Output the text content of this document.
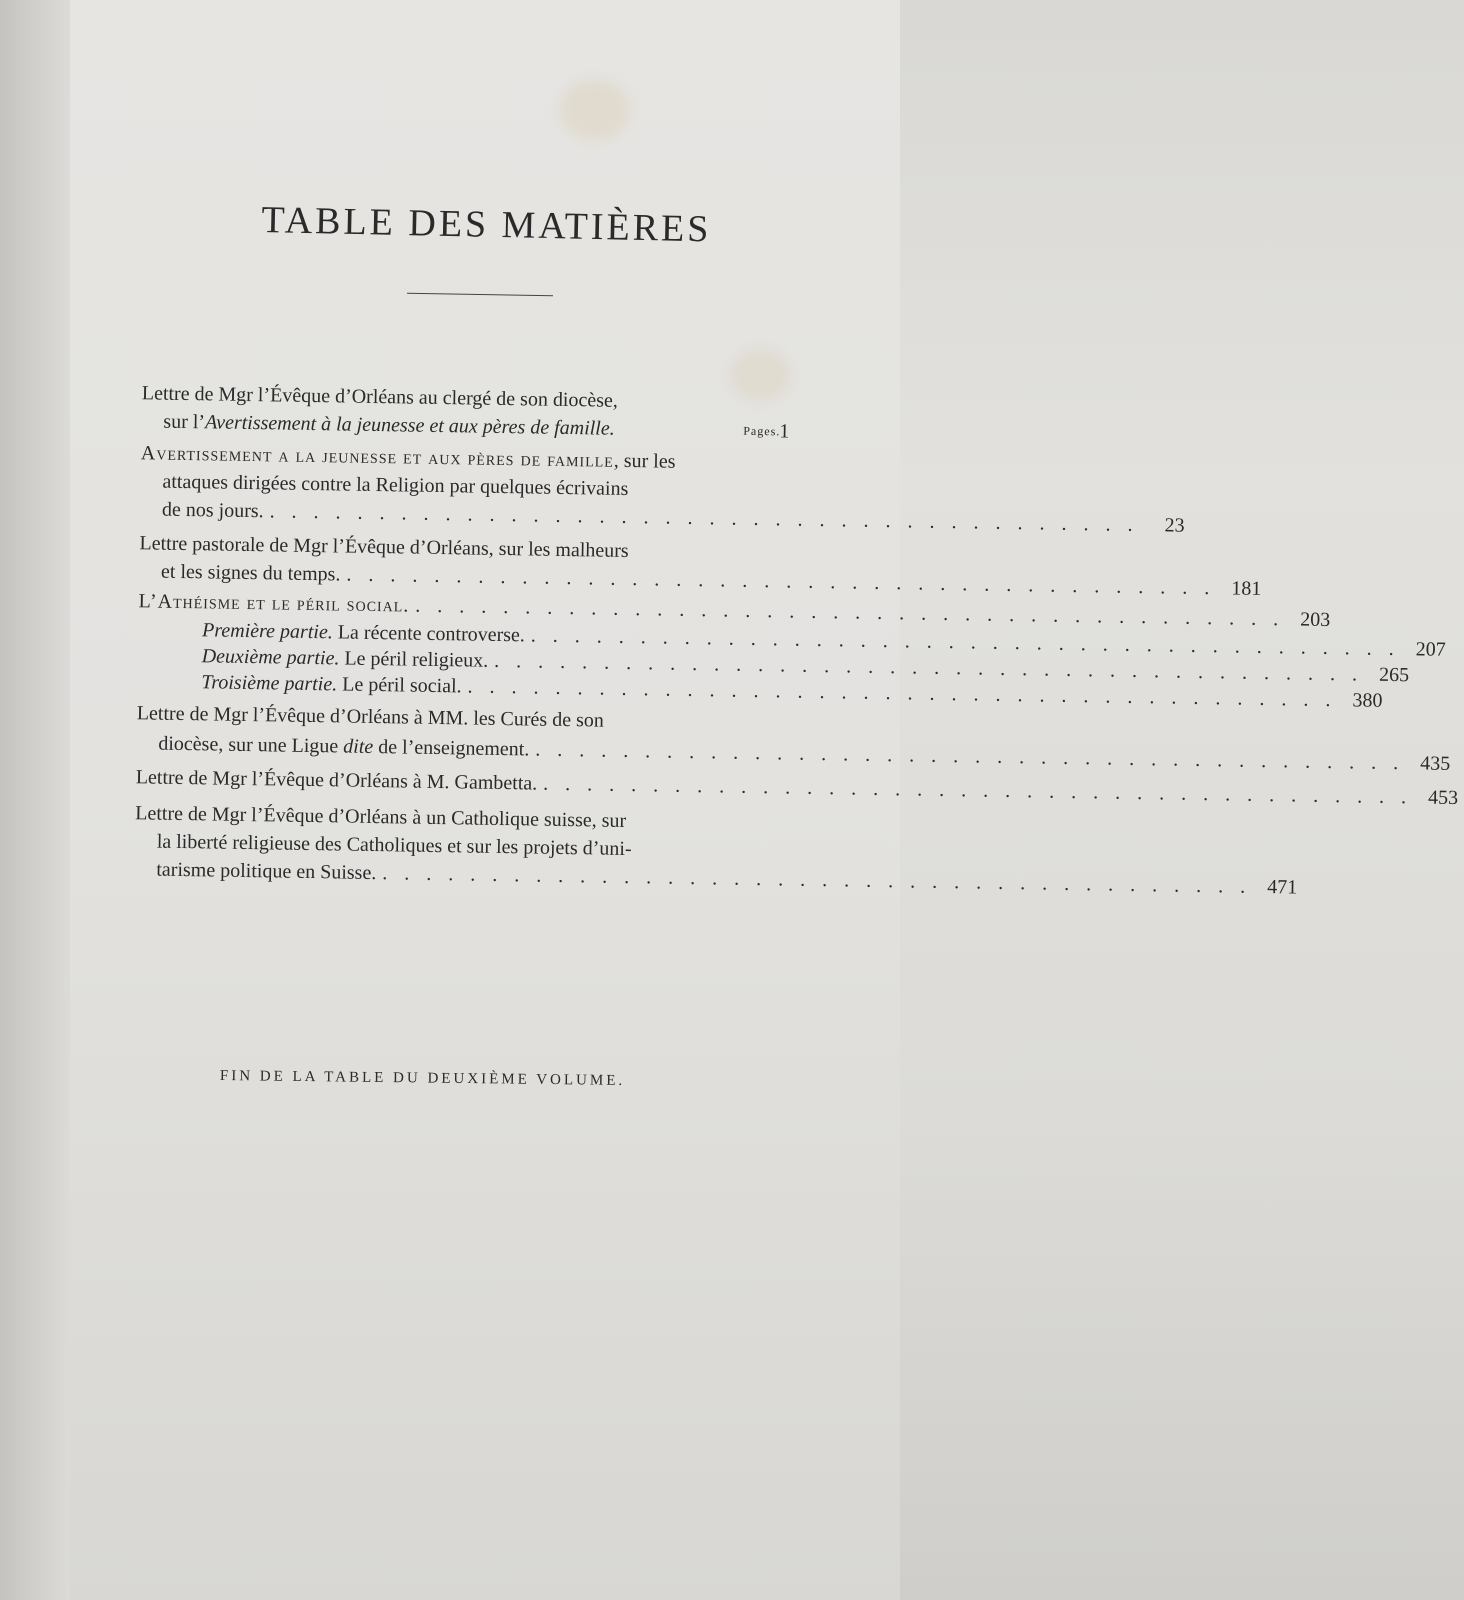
TABLE DES MATIÈRES
Pages.
Lettre de Mgr l’Évêque d’Orléans au clergé de son diocèse,
sur l’Avertissement à la jeunesse et aux pères de famille.	1
Avertissement a la jeunesse et aux pères de famille, sur les
attaques dirigées contre la Religion par quelques écrivains
de nos jours. . . . . . . . . . . . . . . . . . . . . . . . . . . . . . . . . . . . . . . . .	23
Lettre pastorale de Mgr l’Évêque d’Orléans, sur les malheurs
et les signes du temps. . . . . . . . . . . . . . . . . . . . . . . . . . . . . . . . . . . . . . . . . 181
L’Athéisme et le péril social. . . . . . . . . . . . . . . . . . . . . . . . . . . . . . . . . . . . . . . . . 203
Première partie. La récente controverse. . . . . . . . . . . . . . . . . . . . . . . . . . . . . . . . . . . . . . . . . 207
Deuxième partie. Le péril religieux. . . . . . . . . . . . . . . . . . . . . . . . . . . . . . . . . . . . . . . . . 265
Troisième partie. Le péril social. . . . . . . . . . . . . . . . . . . . . . . . . . . . . . . . . . . . . . . . . 380
Lettre de Mgr l’Évêque d’Orléans à MM. les Curés de son
diocèse, sur une Ligue dite de l’enseignement. . . . . . . . . . . . . . . . . . . . . . . . . . . . . . . . . . . . . . . . . 435
Lettre de Mgr l’Évêque d’Orléans à M. Gambetta. . . . . . . . . . . . . . . . . . . . . . . . . . . . . . . . . . . . . . . . . 453
Lettre de Mgr l’Évêque d’Orléans à un Catholique suisse, sur
la liberté religieuse des Catholiques et sur les projets d’uni-
tarisme politique en Suisse. . . . . . . . . . . . . . . . . . . . . . . . . . . . . . . . . . . . . . . . . 471
FIN DE LA TABLE DU DEUXIÈME VOLUME.
